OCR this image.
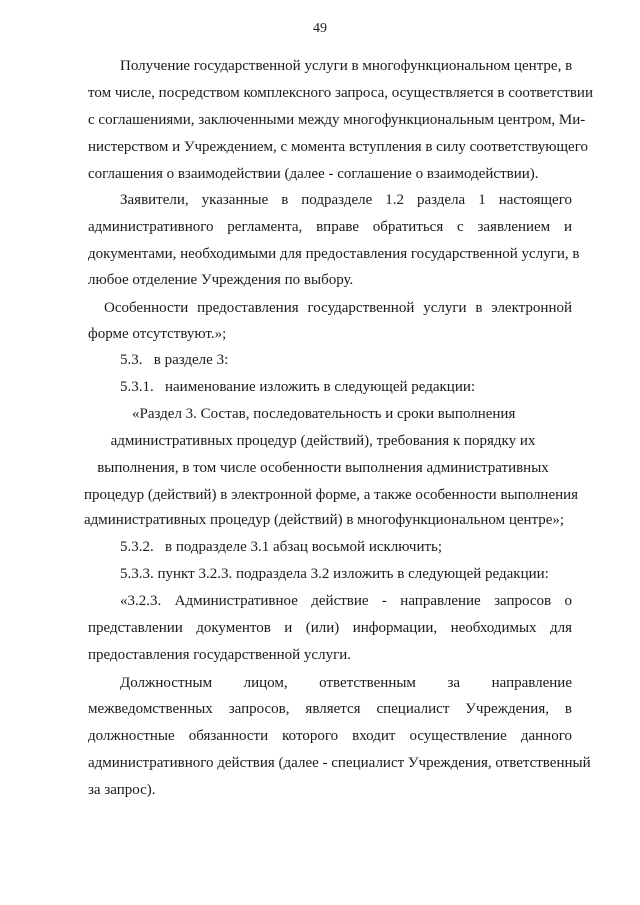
49
Получение государственной услуги в многофункциональном центре, в
том числе, посредством комплексного запроса, осуществляется в соответствии
с соглашениями, заключенными между многофункциональным центром, Ми-
нистерством и Учреждением, с момента вступления в силу соответствующего
соглашения о взаимодействии (далее - соглашение о взаимодействии).
Заявители, указанные в подразделе 1.2 раздела 1 настоящего
административного регламента, вправе обратиться с заявлением и
документами, необходимыми для предоставления государственной услуги, в
любое отделение Учреждения по выбору.
Особенности предоставления государственной услуги в электронной
форме отсутствуют.»;
5.3.   в разделе 3:
5.3.1.   наименование изложить в следующей редакции:
«Раздел 3. Состав, последовательность и сроки выполнения
административных процедур (действий), требования к порядку их
выполнения, в том числе особенности выполнения административных
процедур (действий) в электронной форме, а также особенности выполнения
административных процедур (действий) в многофункциональном центре»;
5.3.2.   в подразделе 3.1 абзац восьмой исключить;
5.3.3. пункт 3.2.3. подраздела 3.2 изложить в следующей редакции:
«3.2.3. Административное действие - направление запросов о
представлении документов и (или) информации, необходимых для
предоставления государственной услуги.
Должностным лицом, ответственным за направление
межведомственных запросов, является специалист Учреждения, в
должностные обязанности которого входит осуществление данного
административного действия (далее - специалист Учреждения, ответственный
за запрос).
